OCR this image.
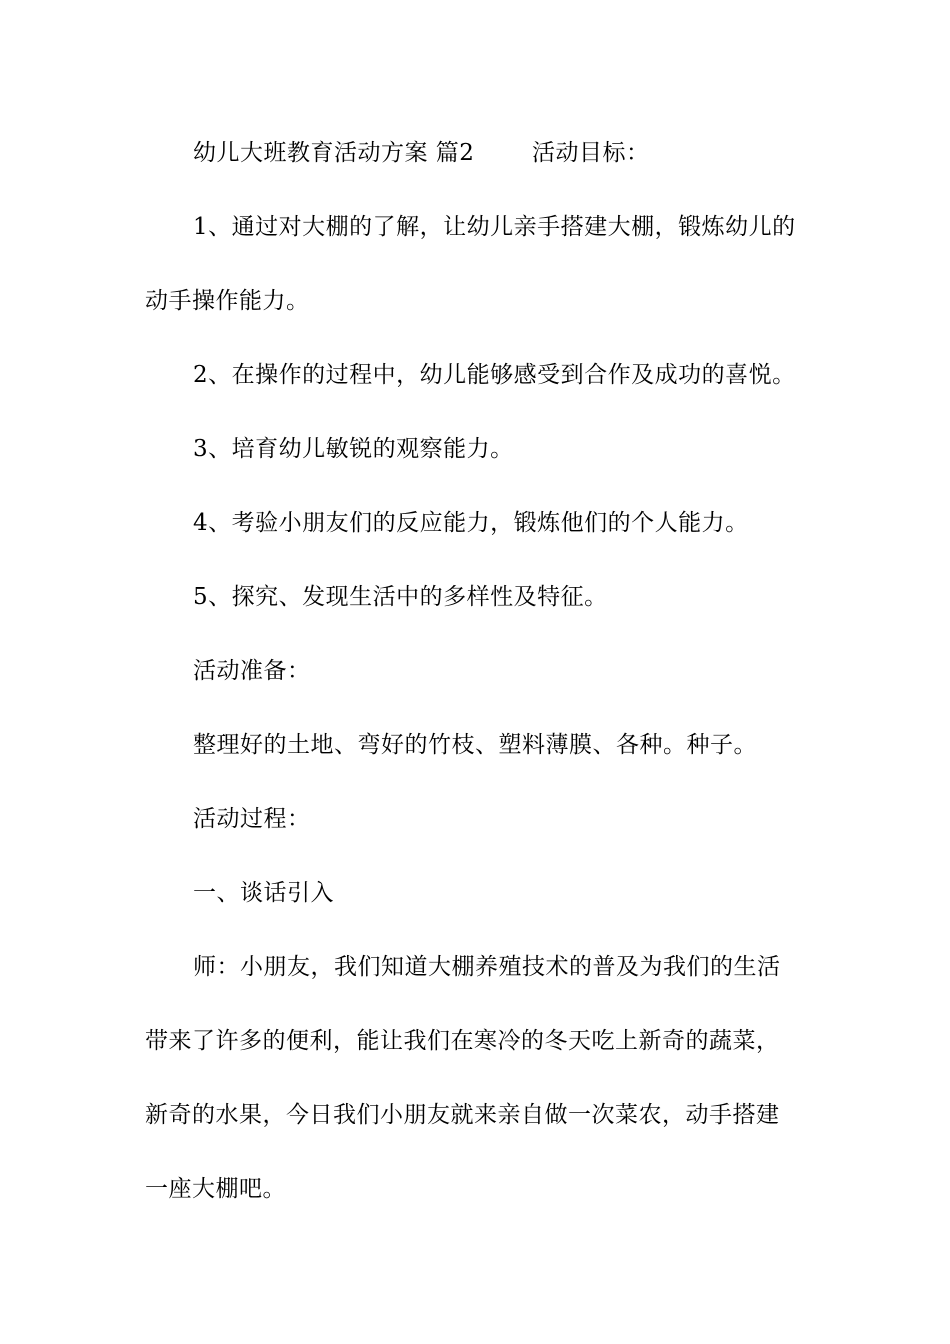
幼儿大班教育活动方案 篇2	活动目标：
1、通过对大棚的了解，让幼儿亲手搭建大棚，锻炼幼儿的
动手操作能力。
2、在操作的过程中，幼儿能够感受到合作及成功的喜悦。
3、培育幼儿敏锐的观察能力。
4、考验小朋友们的反应能力，锻炼他们的个人能力。
5、探究、发现生活中的多样性及特征。
活动准备：
整理好的土地、弯好的竹枝、塑料薄膜、各种。种子。
活动过程：
一、谈话引入
师：小朋友，我们知道大棚养殖技术的普及为我们的生活
带来了许多的便利，能让我们在寒冷的冬天吃上新奇的蔬菜，
新奇的水果，今日我们小朋友就来亲自做一次菜农，动手搭建
一座大棚吧。
